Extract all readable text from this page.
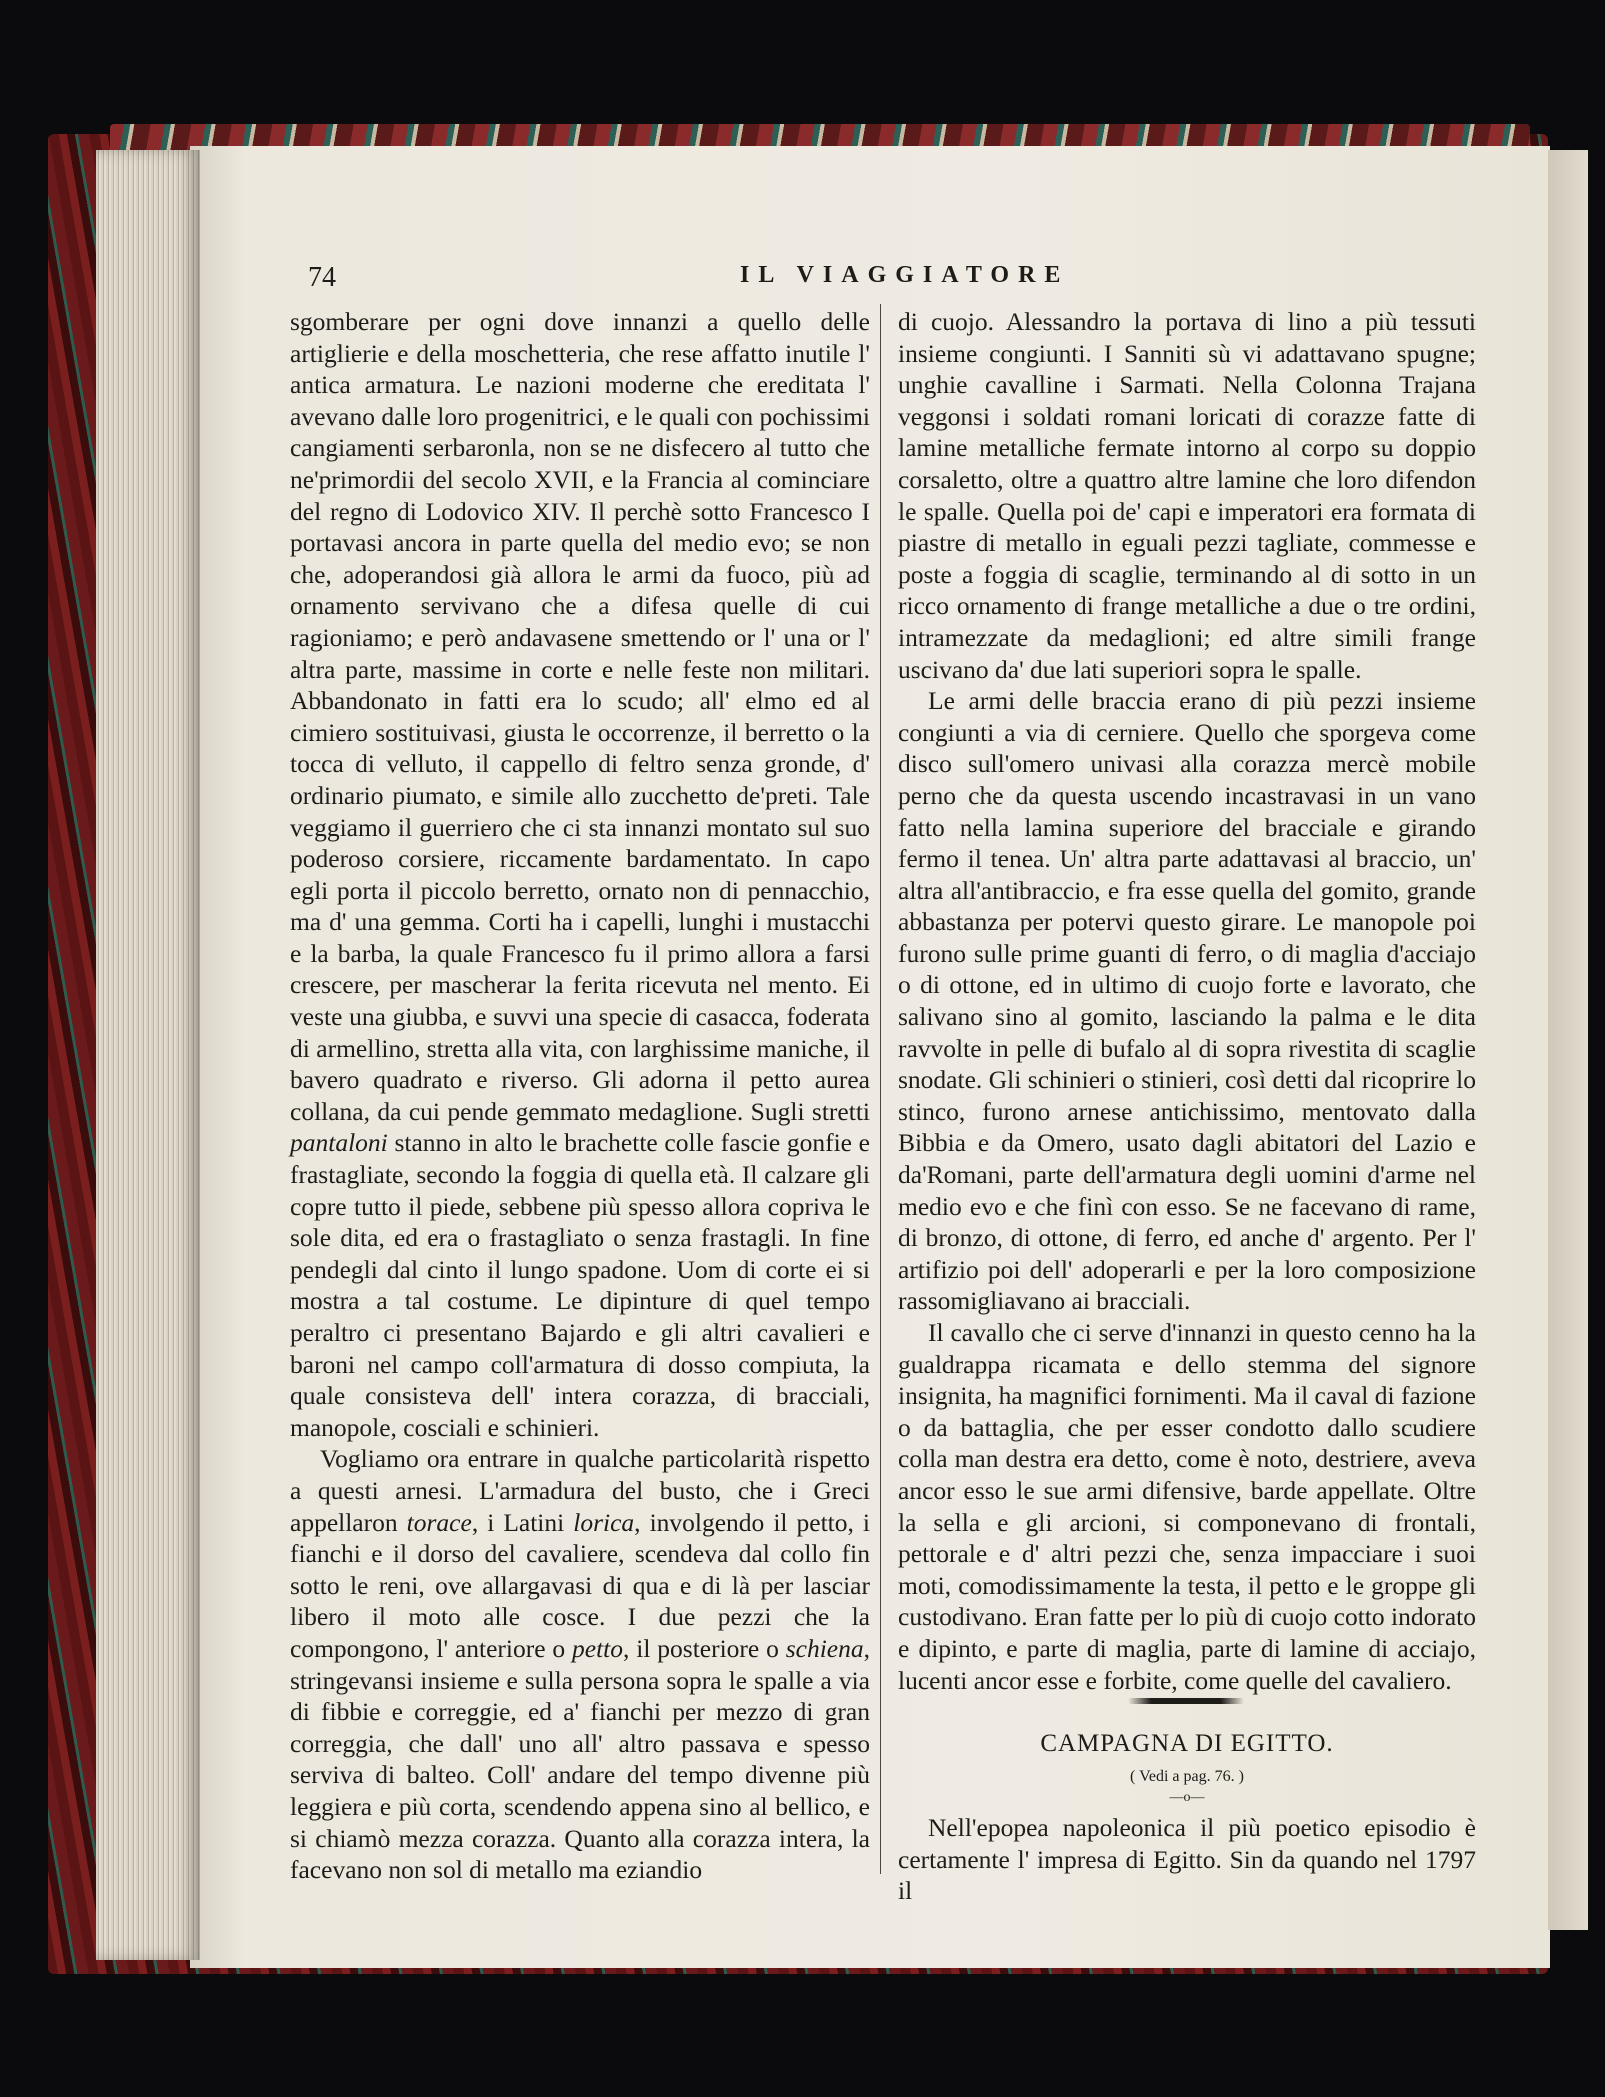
74	IL VIAGGIATORE

sgomberare per ogni dove innanzi a quello delle artiglierie e della moschetteria, che rese affatto inutile l' antica armatura. Le nazioni moderne che ereditata l' avevano dalle loro progenitrici, e le quali con pochissimi cangiamenti serbaronla, non se ne disfecero al tutto che ne'primordii del secolo XVII, e la Francia al cominciare del regno di Lodovico XIV. Il perchè sotto Francesco I portavasi ancora in parte quella del medio evo; se non che, adoperandosi già allora le armi da fuoco, più ad ornamento servivano che a difesa quelle di cui ragioniamo; e però andavasene smettendo or l' una or l' altra parte, massime in corte e nelle feste non militari. Abbandonato in fatti era lo scudo; all' elmo ed al cimiero sostituivasi, giusta le occorrenze, il berretto o la tocca di velluto, il cappello di feltro senza gronde, d' ordinario piumato, e simile allo zucchetto de'preti. Tale veggiamo il guerriero che ci sta innanzi montato sul suo poderoso corsiere, riccamente bardamentato. In capo egli porta il piccolo berretto, ornato non di pennacchio, ma d' una gemma. Corti ha i capelli, lunghi i mustacchi e la barba, la quale Francesco fu il primo allora a farsi crescere, per mascherar la ferita ricevuta nel mento. Ei veste una giubba, e suvvi una specie di casacca, foderata di armellino, stretta alla vita, con larghissime maniche, il bavero quadrato e riverso. Gli adorna il petto aurea collana, da cui pende gemmato medaglione. Sugli stretti pantaloni stanno in alto le brachette colle fascie gonfie e frastagliate, secondo la foggia di quella età. Il calzare gli copre tutto il piede, sebbene più spesso allora copriva le sole dita, ed era o frastagliato o senza frastagli. In fine pendegli dal cinto il lungo spadone. Uom di corte ei si mostra a tal costume. Le dipinture di quel tempo peraltro ci presentano Bajardo e gli altri cavalieri e baroni nel campo coll'armatura di dosso compiuta, la quale consisteva dell' intera corazza, di bracciali, manopole, cosciali e schinieri.

Vogliamo ora entrare in qualche particolarità rispetto a questi arnesi. L'armadura del busto, che i Greci appellaron torace, i Latini lorica, involgendo il petto, i fianchi e il dorso del cavaliere, scendeva dal collo fin sotto le reni, ove allargavasi di qua e di là per lasciar libero il moto alle cosce. I due pezzi che la compongono, l' anteriore o petto, il posteriore o schiena, stringevansi insieme e sulla persona sopra le spalle a via di fibbie e correggie, ed a' fianchi per mezzo di gran correggia, che dall' uno all' altro passava e spesso serviva di balteo. Coll' andare del tempo divenne più leggiera e più corta, scendendo appena sino al bellico, e si chiamò mezza corazza. Quanto alla corazza intera, la facevano non sol di metallo ma eziandio

di cuojo. Alessandro la portava di lino a più tessuti insieme congiunti. I Sanniti sù vi adattavano spugne; unghie cavalline i Sarmati. Nella Colonna Trajana veggonsi i soldati romani loricati di corazze fatte di lamine metalliche fermate intorno al corpo su doppio corsaletto, oltre a quattro altre lamine che loro difendon le spalle. Quella poi de' capi e imperatori era formata di piastre di metallo in eguali pezzi tagliate, commesse e poste a foggia di scaglie, terminando al di sotto in un ricco ornamento di frange metalliche a due o tre ordini, intramezzate da medaglioni; ed altre simili frange uscivano da' due lati superiori sopra le spalle.

Le armi delle braccia erano di più pezzi insieme congiunti a via di cerniere. Quello che sporgeva come disco sull'omero univasi alla corazza mercè mobile perno che da questa uscendo incastravasi in un vano fatto nella lamina superiore del bracciale e girando fermo il tenea. Un' altra parte adattavasi al braccio, un' altra all'antibraccio, e fra esse quella del gomito, grande abbastanza per potervi questo girare. Le manopole poi furono sulle prime guanti di ferro, o di maglia d'acciajo o di ottone, ed in ultimo di cuojo forte e lavorato, che salivano sino al gomito, lasciando la palma e le dita ravvolte in pelle di bufalo al di sopra rivestita di scaglie snodate. Gli schinieri o stinieri, così detti dal ricoprire lo stinco, furono arnese antichissimo, mentovato dalla Bibbia e da Omero, usato dagli abitatori del Lazio e da'Romani, parte dell'armatura degli uomini d'arme nel medio evo e che finì con esso. Se ne facevano di rame, di bronzo, di ottone, di ferro, ed anche d' argento. Per l' artifizio poi dell' adoperarli e per la loro composizione rassomigliavano ai bracciali.

Il cavallo che ci serve d'innanzi in questo cenno ha la gualdrappa ricamata e dello stemma del signore insignita, ha magnifici fornimenti. Ma il caval di fazione o da battaglia, che per esser condotto dallo scudiere colla man destra era detto, come è noto, destriere, aveva ancor esso le sue armi difensive, barde appellate. Oltre la sella e gli arcioni, si componevano di frontali, pettorale e d' altri pezzi che, senza impacciare i suoi moti, comodissimamente la testa, il petto e le groppe gli custodivano. Eran fatte per lo più di cuojo cotto indorato e dipinto, e parte di maglia, parte di lamine di acciajo, lucenti ancor esse e forbite, come quelle del cavaliero.

CAMPAGNA DI EGITTO.
( Vedi a pag. 76. )
—o—

Nell'epopea napoleonica il più poetico episodio è certamente l' impresa di Egitto. Sin da quando nel 1797 il
